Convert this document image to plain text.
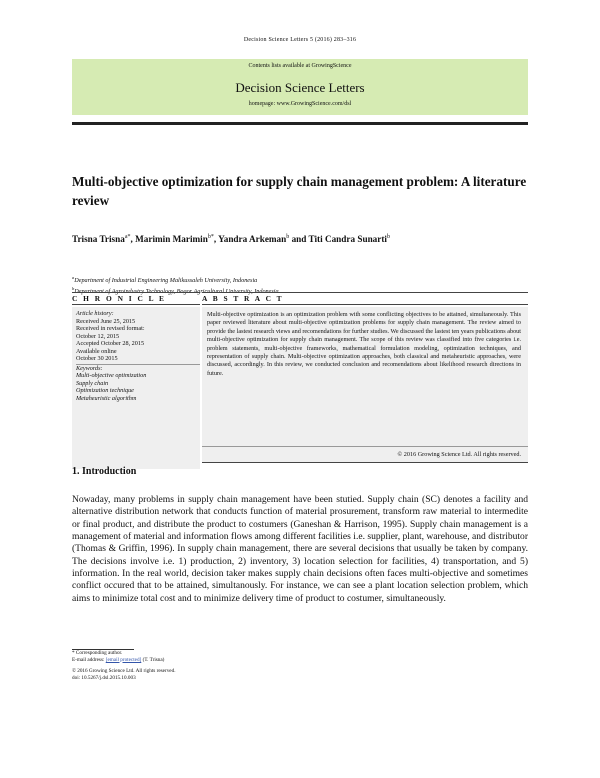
Decision Science Letters 5 (2016) 283–316
Contents lists available at GrowingScience
Decision Science Letters
homepage: www.GrowingScience.com/dsl
Multi-objective optimization for supply chain management problem: A literature review
Trisna Trisna$^{a*}$, Marimin Marimin$^{b*}$, Yandra Arkeman$^b$ and Titi Candra Sunarti$^b$
$^a$Department of Industrial Engineering Malikussaleh University, Indonesia
$^b$
C H R O N I C L E	A B S T R A C T
Article history:
Received June 25, 2015
Received in revised format:
October 12, 2015
Accepted October 28, 2015
Available online
October 30 2015
Keywords:
Multi-objective optimization
Supply chain
Optimization technique
Metaheuristic algorithm
Multi-objective optimization is an optimization problem with some conflicting objectives to be attained, simultaneously. This paper reviewed literature about multi-objective optimization problems for supply chain management. The review aimed to provide the lastest research views and recomendations for further studies. We discussed the lastest ten years publications about multi-objective optimization for supply chain management. The scope of this review was classified into five categories i.e. problem statements, multi-objective frameworks, mathematical formulation modeling, optimization techniques, and representation of supply chain. Multi-objective optimization approaches, both classical and metaheuristic approaches, were discussed, accordingly. In this review, we conducted conclusion and recomendations about likelihood research directions in future.
© 2016 Growing Science Ltd. All rights reserved.
1. Introduction
Nowaday, many problems in supply chain management have been stutied. Supply chain (SC) denotes a facility and alternative distribution network that conducts function of material prosurement, transform raw material to intermedite or final product, and distribute the product to costumers (Ganeshan & Harrison, 1995). Supply chain management is a management of material and information flows among different facilities i.e. supplier, plant, warehouse, and distributor (Thomas & Griffin, 1996). In supply chain management, there are several decisions that usually be taken by company. The decisions involve i.e. 1) production, 2) inventory, 3) location selection for facilities, 4) transportation, and 5) information. In the real world, decision taker makes supply chain decisions often faces multi-objective and sometimes conflict occured that to be attained, simultanously. For instance, we can see a plant location selection problem, which aims to minimize total cost and to minimize delivery time of product to costumer, simultaneously.
* Corresponding author.
E-mail address: [email protected] (T. Trisna)
© 2016 Growing Science Ltd. All rights reserved.
doi: 10.5267/j.dsl.2015.10.003
